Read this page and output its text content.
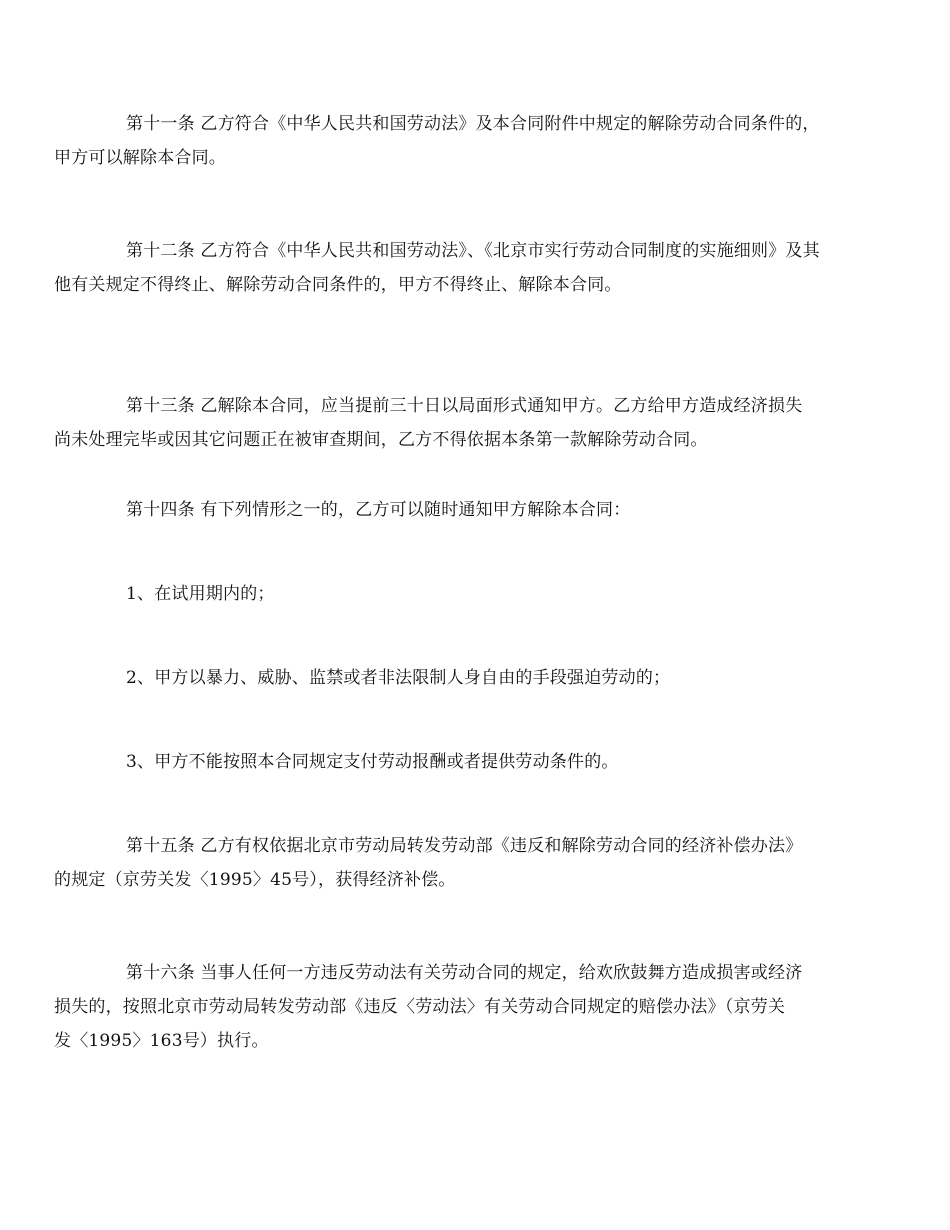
第十一条 乙方符合《中华人民共和国劳动法》及本合同附件中规定的解除劳动合同条件的，
甲方可以解除本合同。

第十二条 乙方符合《中华人民共和国劳动法》、《北京市实行劳动合同制度的实施细则》及其
他有关规定不得终止、解除劳动合同条件的，甲方不得终止、解除本合同。

第十三条 乙解除本合同，应当提前三十日以局面形式通知甲方。乙方给甲方造成经济损失
尚未处理完毕或因其它问题正在被审查期间，乙方不得依据本条第一款解除劳动合同。

第十四条 有下列情形之一的，乙方可以随时通知甲方解除本合同：

1、在试用期内的；

2、甲方以暴力、威胁、监禁或者非法限制人身自由的手段强迫劳动的；

3、甲方不能按照本合同规定支付劳动报酬或者提供劳动条件的。

第十五条 乙方有权依据北京市劳动局转发劳动部《违反和解除劳动合同的经济补偿办法》
的规定（京劳关发〈1995〉45号），获得经济补偿。

第十六条 当事人任何一方违反劳动法有关劳动合同的规定，给欢欣鼓舞方造成损害或经济
损失的，按照北京市劳动局转发劳动部《违反〈劳动法〉有关劳动合同规定的赔偿办法》（京劳关
发〈1995〉163号）执行。
